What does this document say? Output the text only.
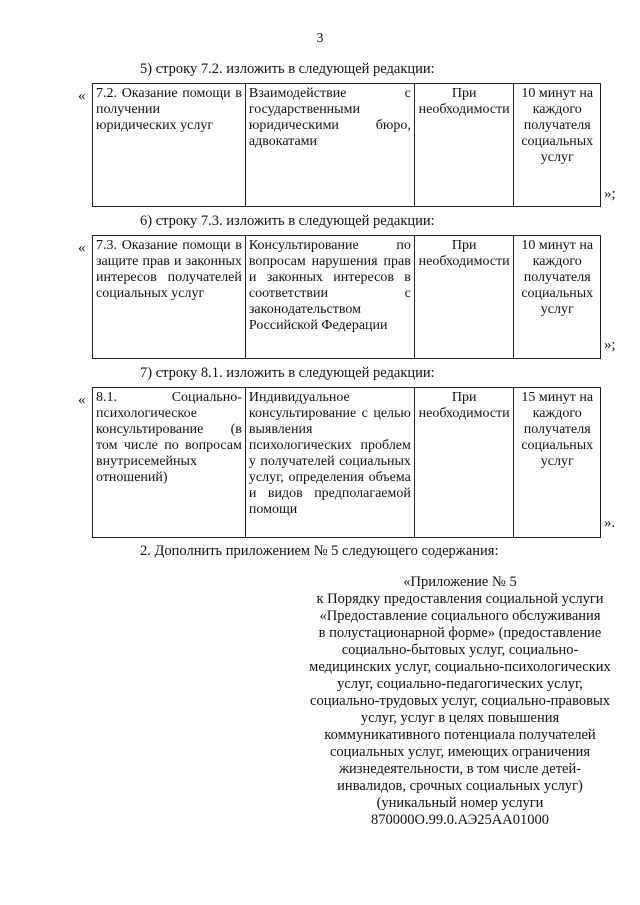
3
5) строку 7.2. изложить в следующей редакции:
« 7.2. Оказание помощи в получении юридических услуг	Взаимодействие с государственными юридическими бюро, адвокатами	При необходимости	10 минут на каждого получателя социальных услуг
»;
6) строку 7.3. изложить в следующей редакции:
« 7.3. Оказание помощи в защите прав и законных интересов получателей социальных услуг	Консультирование по вопросам нарушения прав и законных интересов в соответствии с законодательством Российской Федерации	При необходимости	10 минут на каждого получателя социальных услуг
»;
7) строку 8.1. изложить в следующей редакции:
« 8.1. Социально-психологическое консультирование (в том числе по вопросам внутрисемейных отношений)	Индивидуальное консультирование с целью выявления психологических проблем у получателей социальных услуг, определения объема и видов предполагаемой помощи	При необходимости	15 минут на каждого получателя социальных услуг
».
2. Дополнить приложением № 5 следующего содержания:
«Приложение № 5
к Порядку предоставления социальной услуги
«Предоставление социального обслуживания
в полустационарной форме» (предоставление
социально-бытовых услуг, социально-
медицинских услуг, социально-психологических
услуг, социально-педагогических услуг,
социально-трудовых услуг, социально-правовых
услуг, услуг в целях повышения
коммуникативного потенциала получателей
социальных услуг, имеющих ограничения
жизнедеятельности, в том числе детей-
инвалидов, срочных социальных услуг)
(уникальный номер услуги
870000О.99.0.АЭ25АА01000
